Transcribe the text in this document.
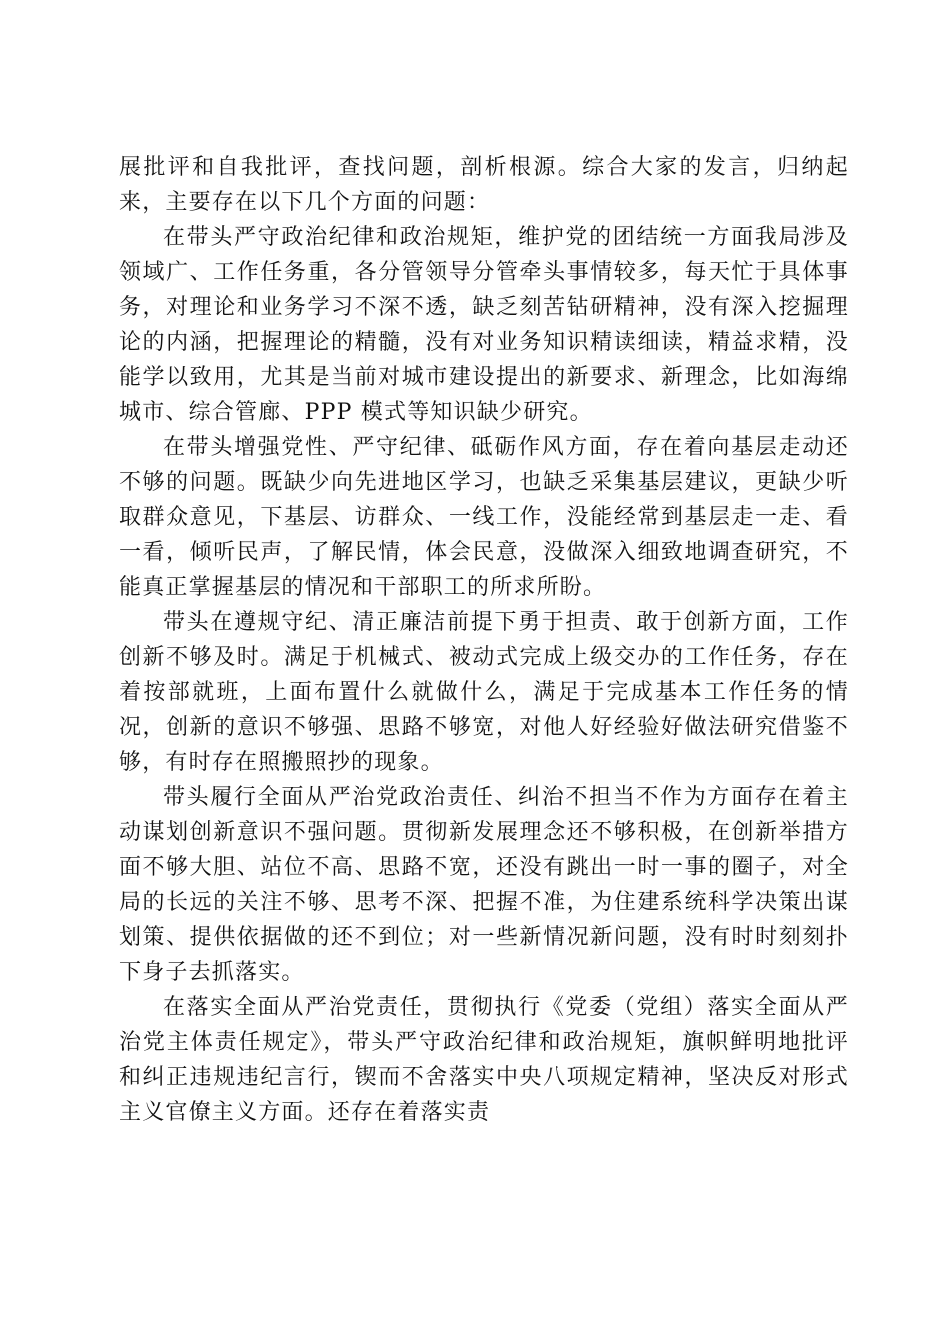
展批评和自我批评，查找问题，剖析根源。综合大家的发言，归纳起来，主要存在以下几个方面的问题：

在带头严守政治纪律和政治规矩，维护党的团结统一方面我局涉及领域广、工作任务重，各分管领导分管牵头事情较多，每天忙于具体事务，对理论和业务学习不深不透，缺乏刻苦钻研精神，没有深入挖掘理论的内涵，把握理论的精髓，没有对业务知识精读细读，精益求精，没能学以致用，尤其是当前对城市建设提出的新要求、新理念，比如海绵城市、综合管廊、PPP 模式等知识缺少研究。

在带头增强党性、严守纪律、砥砺作风方面，存在着向基层走动还不够的问题。既缺少向先进地区学习，也缺乏采集基层建议，更缺少听取群众意见，下基层、访群众、一线工作，没能经常到基层走一走、看一看，倾听民声，了解民情，体会民意，没做深入细致地调查研究，不能真正掌握基层的情况和干部职工的所求所盼。

带头在遵规守纪、清正廉洁前提下勇于担责、敢于创新方面，工作创新不够及时。满足于机械式、被动式完成上级交办的工作任务，存在着按部就班，上面布置什么就做什么，满足于完成基本工作任务的情况，创新的意识不够强、思路不够宽，对他人好经验好做法研究借鉴不够，有时存在照搬照抄的现象。

带头履行全面从严治党政治责任、纠治不担当不作为方面存在着主动谋划创新意识不强问题。贯彻新发展理念还不够积极，在创新举措方面不够大胆、站位不高、思路不宽，还没有跳出一时一事的圈子，对全局的长远的关注不够、思考不深、把握不准，为住建系统科学决策出谋划策、提供依据做的还不到位；对一些新情况新问题，没有时时刻刻扑下身子去抓落实。

在落实全面从严治党责任，贯彻执行《党委（党组）落实全面从严治党主体责任规定》，带头严守政治纪律和政治规矩，旗帜鲜明地批评和纠正违规违纪言行，锲而不舍落实中央八项规定精神，坚决反对形式主义官僚主义方面。还存在着落实责
